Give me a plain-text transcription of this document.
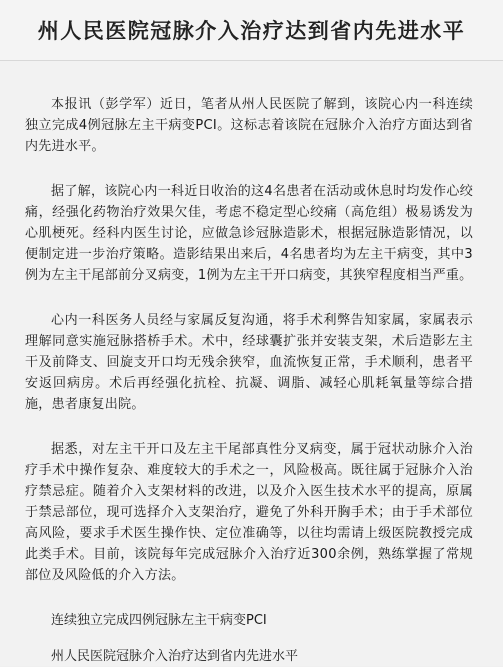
州人民医院冠脉介入治疗达到省内先进水平

本报讯（彭学军）近日，笔者从州人民医院了解到，该院心内一科连续独立完成4例冠脉左主干病变PCI。这标志着该院在冠脉介入治疗方面达到省内先进水平。

据了解，该院心内一科近日收治的这4名患者在活动或休息时均发作心绞痛，经强化药物治疗效果欠佳，考虑不稳定型心绞痛（高危组）极易诱发为心肌梗死。经科内医生讨论，应做急诊冠脉造影术，根据冠脉造影情况，以便制定进一步治疗策略。造影结果出来后，4名患者均为左主干病变，其中3例为左主干尾部前分叉病变，1例为左主干开口病变，其狭窄程度相当严重。

心内一科医务人员经与家属反复沟通，将手术利弊告知家属，家属表示理解同意实施冠脉搭桥手术。术中，经球囊扩张并安装支架，术后造影左主干及前降支、回旋支开口均无残余狭窄，血流恢复正常，手术顺利，患者平安返回病房。术后再经强化抗栓、抗凝、调脂、减轻心肌耗氧量等综合措施，患者康复出院。

据悉，对左主干开口及左主干尾部真性分叉病变，属于冠状动脉介入治疗手术中操作复杂、难度较大的手术之一，风险极高。既往属于冠脉介入治疗禁忌症。随着介入支架材料的改进，以及介入医生技术水平的提高，原属于禁忌部位，现可选择介入支架治疗，避免了外科开胸手术；由于手术部位高风险，要求手术医生操作快、定位准确等，以往均需请上级医院教授完成此类手术。目前，该院每年完成冠脉介入治疗近300余例，熟练掌握了常规部位及风险低的介入方法。

连续独立完成四例冠脉左主干病变PCI

州人民医院冠脉介入治疗达到省内先进水平
